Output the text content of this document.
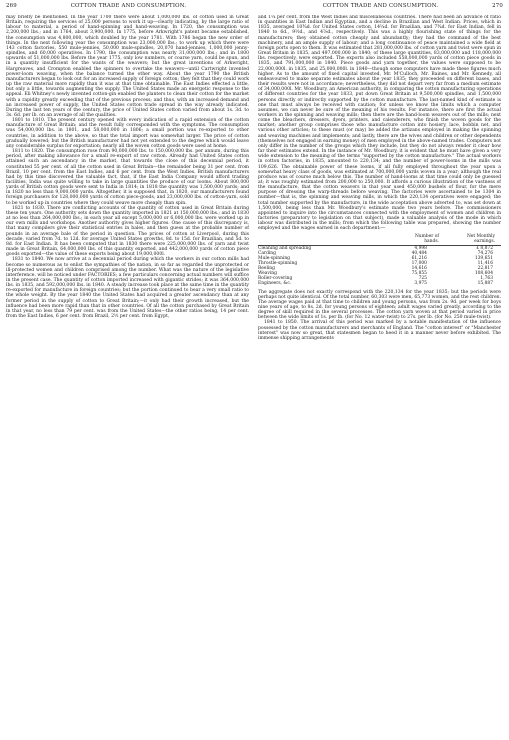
269	COTTON TRADE AND CONSUMPTION.	COTTON TRADE AND CONSUMPTION.	270

may briefly be mentioned. In the year 1700 there were about 1,000,000 lbs. of cotton used in Great Britain, requiring the services of 25,000 persons to work it up—clearly indicating, by the large ratio of labour to material, a period of hand-spinning and hand-weaving. In 1720, the consumption was 2,200,000 lbs.; and in 1764, about 3,900,000. In 1775, before Arkwright's patent became established, the consumption was 4,800,000, which doubled by the year 1781. With 1786 began the new order of things. In the next following year the consumption was 23,000,000 lbs.; to work up which there were 143 cotton factories, 550 mule-jennies, 50,000 mule-spindles, 20,070 hand-jennies, 1,000,000 jenny-spindles, and 60,000 operatives. In 1790, the consumption was nearly 31,000,000 lbs.; and in 1800 upwards of 51,000,000 lbs. Before the year 1775, only low numbers, or coarse yarn, could be spun, and in a quantity insufficient for the wants of the weavers; but the great inventions of Arkwright, Hargreaves, and Crompton enabled the spinners to overtake the weavers—until Cartwright invented power-loom weaving, when the balance turned the other way. About the year 1790 the British manufacturers began to look out for an increased supply of foreign cotton; they felt that they could work up the raw material more rapidly than it was at that time obtainable. The East Indies effected a little, but only a little, towards augmenting the supply. The United States made an energetic response to the appeal. Eli Whitney's newly invented cotton-gin enabled the planters to clean their cotton for the market with a rapidity greatly exceeding that of the previous process; and thus, with an increased demand and an increased power of supply, the United States cotton trade spread in the way already indicated. During the last ten years of the century, the price of United States cotton varied from about 1s. 3d. to 3s. 6d. per lb. on an average of all the qualities.

1801 to 1810. The present century opened with every indication of a rapid extension of the cotton manufacture of Great Britain; and the result fully corresponded with the symptoms. The consumption was 54,000,000 lbs. in 1801, and 58,000,000 in 1806; a small portion was re-exported to other countries, in addition to the above, so that the total import was somewhat larger. The price of cotton gradually lowered; but the British manufacturer had not yet extended to the degree which would leave any considerable surplus for exportation; nearly all the woven cotton goods were used at home.

1811 to 1820. The consumption rose from 90,000,000 lbs. to 150,000,000 lbs. per annum, during this period, after making allowance for a small re-export of raw cotton. Already had United States cotton attained such an ascendancy in the market, that towards the close of this decennial period, it constituted 55 per cent. of all the cotton used in Great Britain—the remainder being 31 per cent. from Brazil, 10 per cent. from the East Indies, and 6 per cent. from the West Indies. British manufacturers had by this time discovered the valuable fact, that, if the East India Company would afford trading facilities, India was quite willing to take in large quantities the produce of our looms. About 800,000 yards of British cotton goods were sent to India in 1814; in 1818 the quantity was 1,500,000 yards; and in 1820 no less than 9,000,000 yards. Altogether, it is supposed that, in 1820, our manufacturers found foreign purchasers for 128,000,000 yards of cotton piece-goods, and 23,000,000 lbs. of cotton-yarn, sold to be worked up in countries where they could weave more cheaply than spin.

1821 to 1830. There are conflicting accounts of the quantity of cotton used in Great Britain during these ten years. One authority sets down the quantity imported in 1821 at 150,000,000 lbs.; and in 1830 at no less than 264,000,000 lbs.; in each year all except 5,000,000 or 6,000,000 lbs. were worked up in our own mills and workshops. Another authority gives higher figures. One cause of this discrepancy is, that many compilers give their statistical entries in bales, and then guess at the probable number of pounds in an average bale of the period in question. The prices of cotton at Liverpool, during this decade, varied from 7d. to 12d. for average United States growths, 8d. to 15d. for Brazilian, and 5d. to 8d. for East Indian. It has been computed that in 1830 there were 225,000,000 lbs. of yarn and twist made in Great Britain, 64,000,000 lbs. of this quantity exported, and 442,000,000 yards of cotton piece goods exported—the value of these exports being about 19,000,000l.

1831 to 1840. We now arrive at a decennial period during which the workers in our cotton mills had become so numerous as to enlist the sympathies of the nation, in so far as regarded the unprotected or ill-protected women and children comprised among the number. What was the nature of the legislative interference, will be noticed under FACTORIES; a few particulars concerning actual numbers will suffice in the present case. The quantity of cotton imported increased with gigantic strides; it was 364,000,000 lbs. in 1835, and 592,000,000 lbs. in 1840. A steady increase took place at the same time in the quantity re-exported for manufacture in foreign countries; but the portion continued to bear a very small ratio to the whole weight. By the year 1840 the United States had acquired a greater ascendancy than at any former period in the supply of cotton to Great Britain;—it only had their growth increased, but the influence had been more rapid than that in other countries. Of all the cotton purchased by Great Britain in that year, no less than 79 per cent. was from the United States—the other ratios being, 14 per cent. from the East Indies, 6 per cent. from Brazil, 2½ per cent. from Egypt,

and 1¼ per cent. from the West Indies and miscellaneous countries. There had been an advance of ratio in quantities in East Indian and Egyptian, and a decline in Brazilian and West Indian. Prices, which in 1835, averaged 10¾d. for United States cotton, 14¼d. for Brazilian, and 7¾d. for East Indian, fell in 1840 to 6d., 9½d., and 4⅞d., respectively. This was a highly flourishing state of things for the manufacturers; they obtained cotton cheaply and abundantly; they had the command of the best machinery, and an ample supply of labour; and a long continuance of peace maintained a wide field at foreign ports open to them. It was estimated that 281,000,000 lbs. of cotton yarn and twist were spun in Great Britain in 1835, and 497,000,000 in 1840; of these large quantities, 83,000,000 and 118,000,000 lbs. respectively, were exported. The exports also included 558,000,000 yards of cotton piece goods in 1835, and 791,000,000 in 1840. Piece goods and yarn together, the values were supposed to be 22,000,000l. in 1835, and 25,000,000l. in 1840—though some computers have made these figures much higher. As to the amount of fixed capital invested, Mr. M'Culloch, Mr. Baines, and Mr. Kennedy, all endeavoured to make separate estimates about the year 1835; they proceeded on different bases, and their results were not in accordance; nevertheless, they did not depart very far from a medium estimate of 34,000,000l. Mr. Woodbury, an American authority, in comparing the cotton manufacturing operations of different countries for the year 1833, put down Great Britain at 9,500,000 spindles, and 1,500,000 persons directly or indirectly supported by the cotton manufacture. The last-named kind of estimate is one that must always be received with caution; for unless we know the limits which a computer assumes, we can never be sure of the meaning of his results. For instance, there are first the actual workers in the spinning and weaving mills; then there are the hand-loom weavers out of the mills; next come the bleachers, dressers, dyers, printers, and calenderers, who finish the woven goods for the market; another group comprises those who manufacture cotton into hosiery, lace, bobbin net, and various other articles; to these must (or may) be added the artizans employed in making the spinning and weaving machines and implements; and lastly, there are the wives and children or other dependents (themselves not engaged in earning money) of men employed in the above-named trades. Computers not only differ in the number of the groups which they include, but they do not always render it clear how far their estimates extend. In the instance of Mr. Woodbury, it is evident that he must have given a very wide extension to the meaning of the terms "supported by the cotton manufacture." The actual workers in cotton factories, in 1835, amounted to 220,134; and the number of power-looms in the mills was 109,626. The obtainable power of these looms, if all fully employed throughout the year upon a somewhat heavy class of goods, was estimated at 700,000,000 yards woven in a year; although the real produce was of course much below this. The number of hand-looms at that time could only be guessed at; it was roughly estimated from 200,000 to 250,000. It affords a curious illustration of the vastness of the manufacture, that the cotton weavers in that year used 450,000 bushels of flour, for the mere purpose of dressing the warp-threads before weaving. The factories were ascertained to be 1304 in number—that is, the spinning and weaving mills, in which the 220,134 operatives were engaged; the total number supported by the manufacture, in the wide acceptation above adverted to, was set down at 1,500,000, being less than Mr. Woodbury's estimate made two years before. The commissioners appointed to inquire into the circumstances connected with the employment of women and children in factories (preparatory to legislation on that subject), made a valuable analysis of the mode in which labour was distributed in the mills; from which the following table was prepared, showing the number employed and the wages earned in each department:—

	Number of hands.	Net Monthly earnings.
Cleaning and spreading	4,998	£ 8,872
Carding	40,484	74,276
Mule-spinning	61,216	139,651
Throstle-spinning	17,000	11,416
Reeling	14,616	22,817
Weaving	75,855	108,604
Roller-covering	725	1,763
Engineers, &c.	3,975	15,887

The aggregate does not exactly correspond with the 220,134 for the year 1835; but the periods were perhaps not quite identical. Of the total number, 60,303 were men, 65,773 women, and the rest children. The average wages paid at that time to children and young persons, was from 2s. 9d. per week for boys nine years of age, to 8s. 2d. for young persons of eighteen; adult wages varied greatly, according to the degree of skill required in the several processes. The cotton yarn woven at that period varied in price between the wide limits of 1s. per lb. (for No. 12 water-twist) to 27s. per lb. (for No. 250 mule-twist).

1841 to 1850. The arrival of this period was marked by a notable manifestation of the influence possessed by the cotton manufacturers and merchants of England. The "cotton interest" or "Manchester interest" was now so great, that statesmen began to heed it in a manner never before exhibited. The immense shipping arrangements
